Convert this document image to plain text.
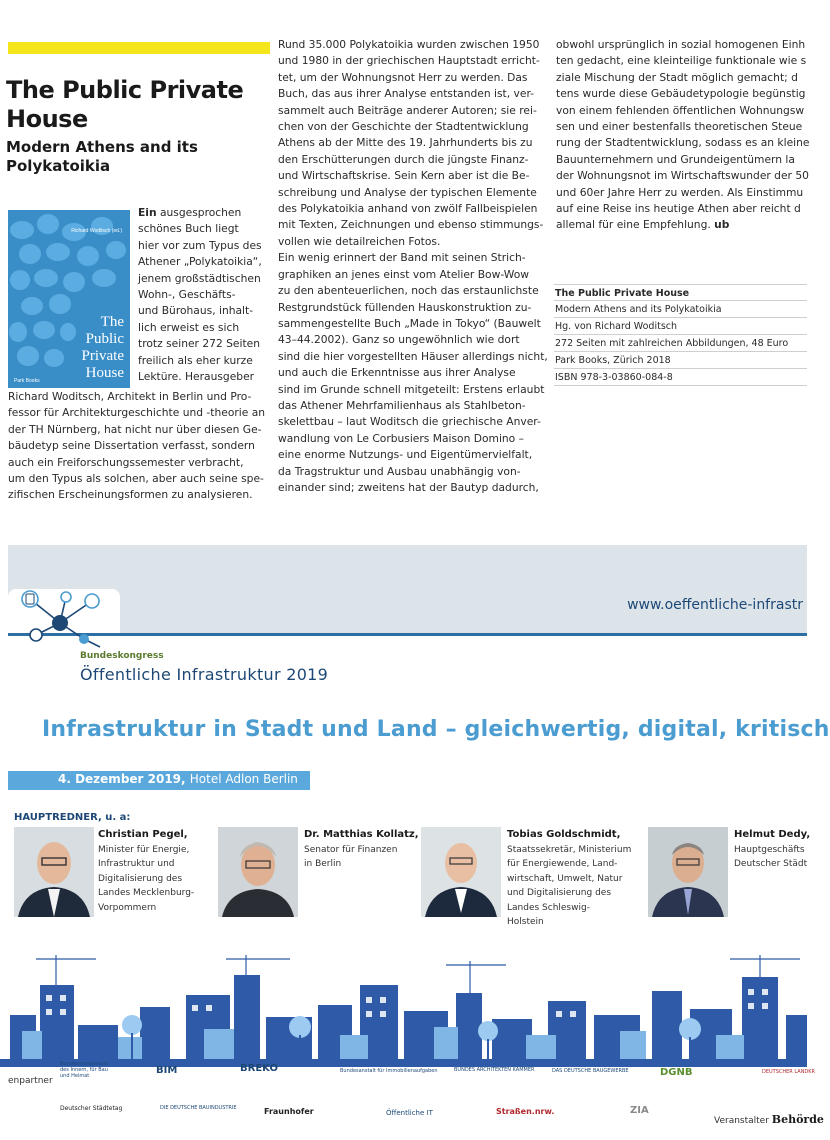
The Public Private
House
Modern Athens and its
Polykatoikia
Richard Woditsch (ed.)
The
Public
Private
House
Park Books
Ein ausgesprochen
schönes Buch liegt
hier vor zum Typus des
Athener „Polykatoikia“,
jenem großstädtischen
Wohn-, Geschäfts-
und Bürohaus, inhalt-
lich erweist es sich
trotz seiner 272 Seiten
freilich als eher kurze
Lektüre. Herausgeber
Richard Woditsch, Architekt in Berlin und Pro-
fessor für Architekturgeschichte und -theorie an
der TH Nürnberg, hat nicht nur über diesen Ge-
bäudetyp seine Dissertation verfasst, sondern
auch ein Freiforschungssemester verbracht,
um den Typus als solchen, aber auch seine spe-
zifischen Erscheinungsformen zu analysieren.
Rund 35.000 Polykatoikia wurden zwischen 1950
und 1980 in der griechischen Hauptstadt erricht-
tet, um der Wohnungsnot Herr zu werden. Das
Buch, das aus ihrer Analyse entstanden ist, ver-
sammelt auch Beiträge anderer Autoren; sie rei-
chen von der Geschichte der Stadtentwicklung
Athens ab der Mitte des 19. Jahrhunderts bis zu
den Erschütterungen durch die jüngste Finanz-
und Wirtschaftskrise. Sein Kern aber ist die Be-
schreibung und Analyse der typischen Elemente
des Polykatoikia anhand von zwölf Fallbeispielen
mit Texten, Zeichnungen und ebenso stimmungs-
vollen wie detailreichen Fotos.
Ein wenig erinnert der Band mit seinen Strich-
graphiken an jenes einst vom Atelier Bow-Wow
zu den abenteuerlichen, noch das erstaunlichste
Restgrundstück füllenden Hauskonstruktion zu-
sammengestellte Buch „Made in Tokyo“ (Bauwelt
43–44.2002). Ganz so ungewöhnlich wie dort
sind die hier vorgestellten Häuser allerdings nicht,
und auch die Erkenntnisse aus ihrer Analyse
sind im Grunde schnell mitgeteilt: Erstens erlaubt
das Athener Mehrfamilienhaus als Stahlbeton-
skelettbau – laut Woditsch die griechische Anver-
wandlung von Le Corbusiers Maison Domino –
eine enorme Nutzungs- und Eigentümervielfalt,
da Tragstruktur und Ausbau unabhängig von-
einander sind; zweitens hat der Bautyp dadurch,
obwohl ursprünglich in sozial homogenen Einh
ten gedacht, eine kleinteilige funktionale wie s
ziale Mischung der Stadt möglich gemacht; d
tens wurde diese Gebäudetypologie begünstig
von einem fehlenden öffentlichen Wohnungsw
sen und einer bestenfalls theoretischen Steue
rung der Stadtentwicklung, sodass es an kleine
Bauunternehmern und Grundeigentümern la
der Wohnungsnot im Wirtschaftswunder der 50
und 60er Jahre Herr zu werden. Als Einstimmu
auf eine Reise ins heutige Athen aber reicht d
allemal für eine Empfehlung. ub
The Public Private House
Modern Athens and its Polykatoikia
Hg. von Richard Woditsch
272 Seiten mit zahlreichen Abbildungen, 48 Euro
Park Books, Zürich 2018
ISBN 978-3-03860-084-8
www.oeffentliche-infrastr
Bundeskongress
Öffentliche Infrastruktur 2019
Infrastruktur in Stadt und Land – gleichwertig, digital, kritisch
4. Dezember 2019, Hotel Adlon Berlin
HAUPTREDNER, u. a:
Christian Pegel,
Minister für Energie,
Infrastruktur und
Digitalisierung des
Landes Mecklenburg-
Vorpommern
Dr. Matthias Kollatz,
Senator für Finanzen
in Berlin
Tobias Goldschmidt,
Staatssekretär, Ministerium
für Energiewende, Land-
wirtschaft, Umwelt, Natur
und Digitalisierung des
Landes Schleswig-
Holstein
Helmut Dedy,
Hauptgeschäfts
Deutscher Städt
enpartner
Bundesministerium des Innern, für Bau und Heimat	BIM	BREKO	Bundesanstalt für Immobilienaufgaben	BUNDES ARCHITEKTEN KAMMER	DAS DEUTSCHE BAUGEWERBE	DGNB	DEUTSCHER LANDKR
Deutscher Städtetag	DIE DEUTSCHE BAUINDUSTRIE	Fraunhofer	Öffentliche IT	Straßen.nrw.	ZIA
Veranstalter Behörde
